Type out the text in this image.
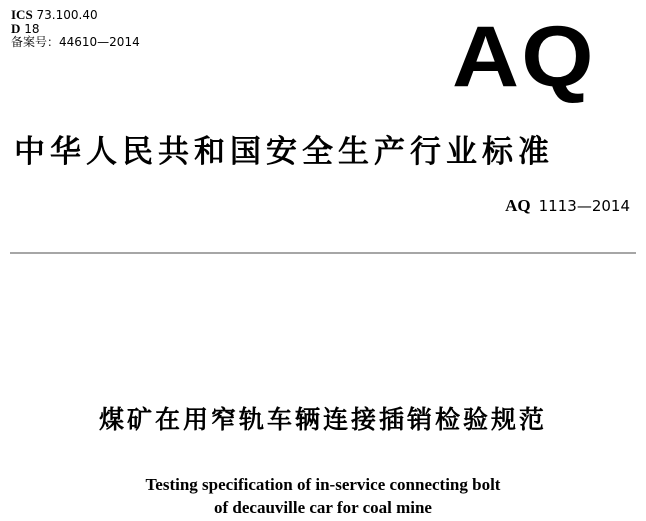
ICS 73.100.40
D 18
备案号：44610—2014	AQ
中华人民共和国安全生产行业标准
AQ 1113—2014
煤矿在用窄轨车辆连接插销检验规范
Testing specification of in-service connecting bolt
of decauville car for coal mine
